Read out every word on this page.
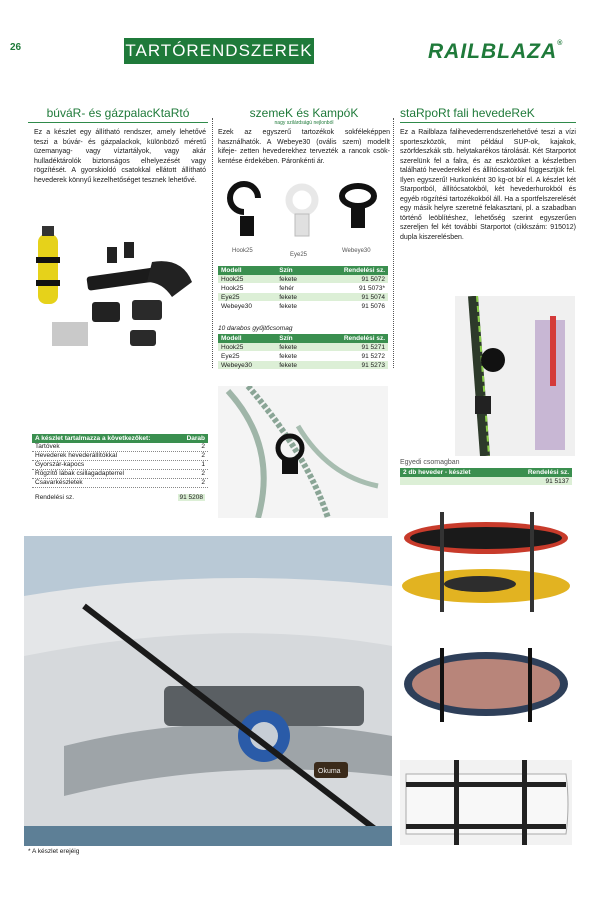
26	TARTÓRENDSZEREK	RAILBLAZA®
búváR- és gázpalacKtaRtó
Ez a készlet egy állítható rendszer, amely lehetővé teszi a búvár- és gázpalackok, különböző méretű üzemanyag- vagy víztartályok, vagy akár hulladéktárolók biztonságos elhelyezését vagy rögzítését. A gyorskioldó csatokkal ellátott állítható hevederek könnyű kezelhetőséget tesznek lehetővé.
A készlet tartalmazza a következőket:	Darab
Tartóvek	2
Hevederek hevederállítókkal	2
Gyorszár-kapocs	1
Rögzítő lábak csillagadapterrel	2
Csavarkészletek	2
Rendelési sz.	91 5208
szemeK és KampóK
nagy szilárdságú nejlonból
Ezek az egyszerű tartozékok sokféleképpen használhatók. A Webeye30 (ovális szem) modellt kifeje- zetten hevederekhez tervezték a rancok csök- kentése érdekében. Páronkénti ár.
Hook25
Eye25
Webeye30
Modell	Szín	Rendelési sz.
Hook25	fekete	91 5072
Hook25	fehér	91 5073*
Eye25	fekete	91 5074
Webeye30	fekete	91 5076
10 darabos gyűjtőcsomag
Modell	Szín	Rendelési sz.
Hook25	fekete	91 5271
Eye25	fekete	91 5272
Webeye30	fekete	91 5273
staRpoRt fali hevedeReK
Ez a Railblaza falihevederrendszerlehetővé teszi a vízi sporteszközök, mint például SUP-ok, kajakok, szörfdeszkák stb. helytakarékos tárolását. Két Starportot szerelünk fel a falra, és az eszközöket a készletben található hevederekkel és állítócsatokkal függesztjük fel. Ilyen egyszerű! Hurkonként 30 kg-ot bír el. A készlet két Starportból, állítócsatokból, két hevederhurokból és egyéb rögzítési tartozékokból áll. Ha a sportfelszerelését egy másik helyre szeretné felakasztani, pl. a szabadban történő leöblítéshez, lehetőség szerint egyszerűen szereljen fel két további Starportot (cikkszám: 915012) dupla kiszerelésben.
Egyedi csomagban
2 db heveder - készlet	Rendelési sz.
	91 5137
Okuma
* A készlet erejéig
